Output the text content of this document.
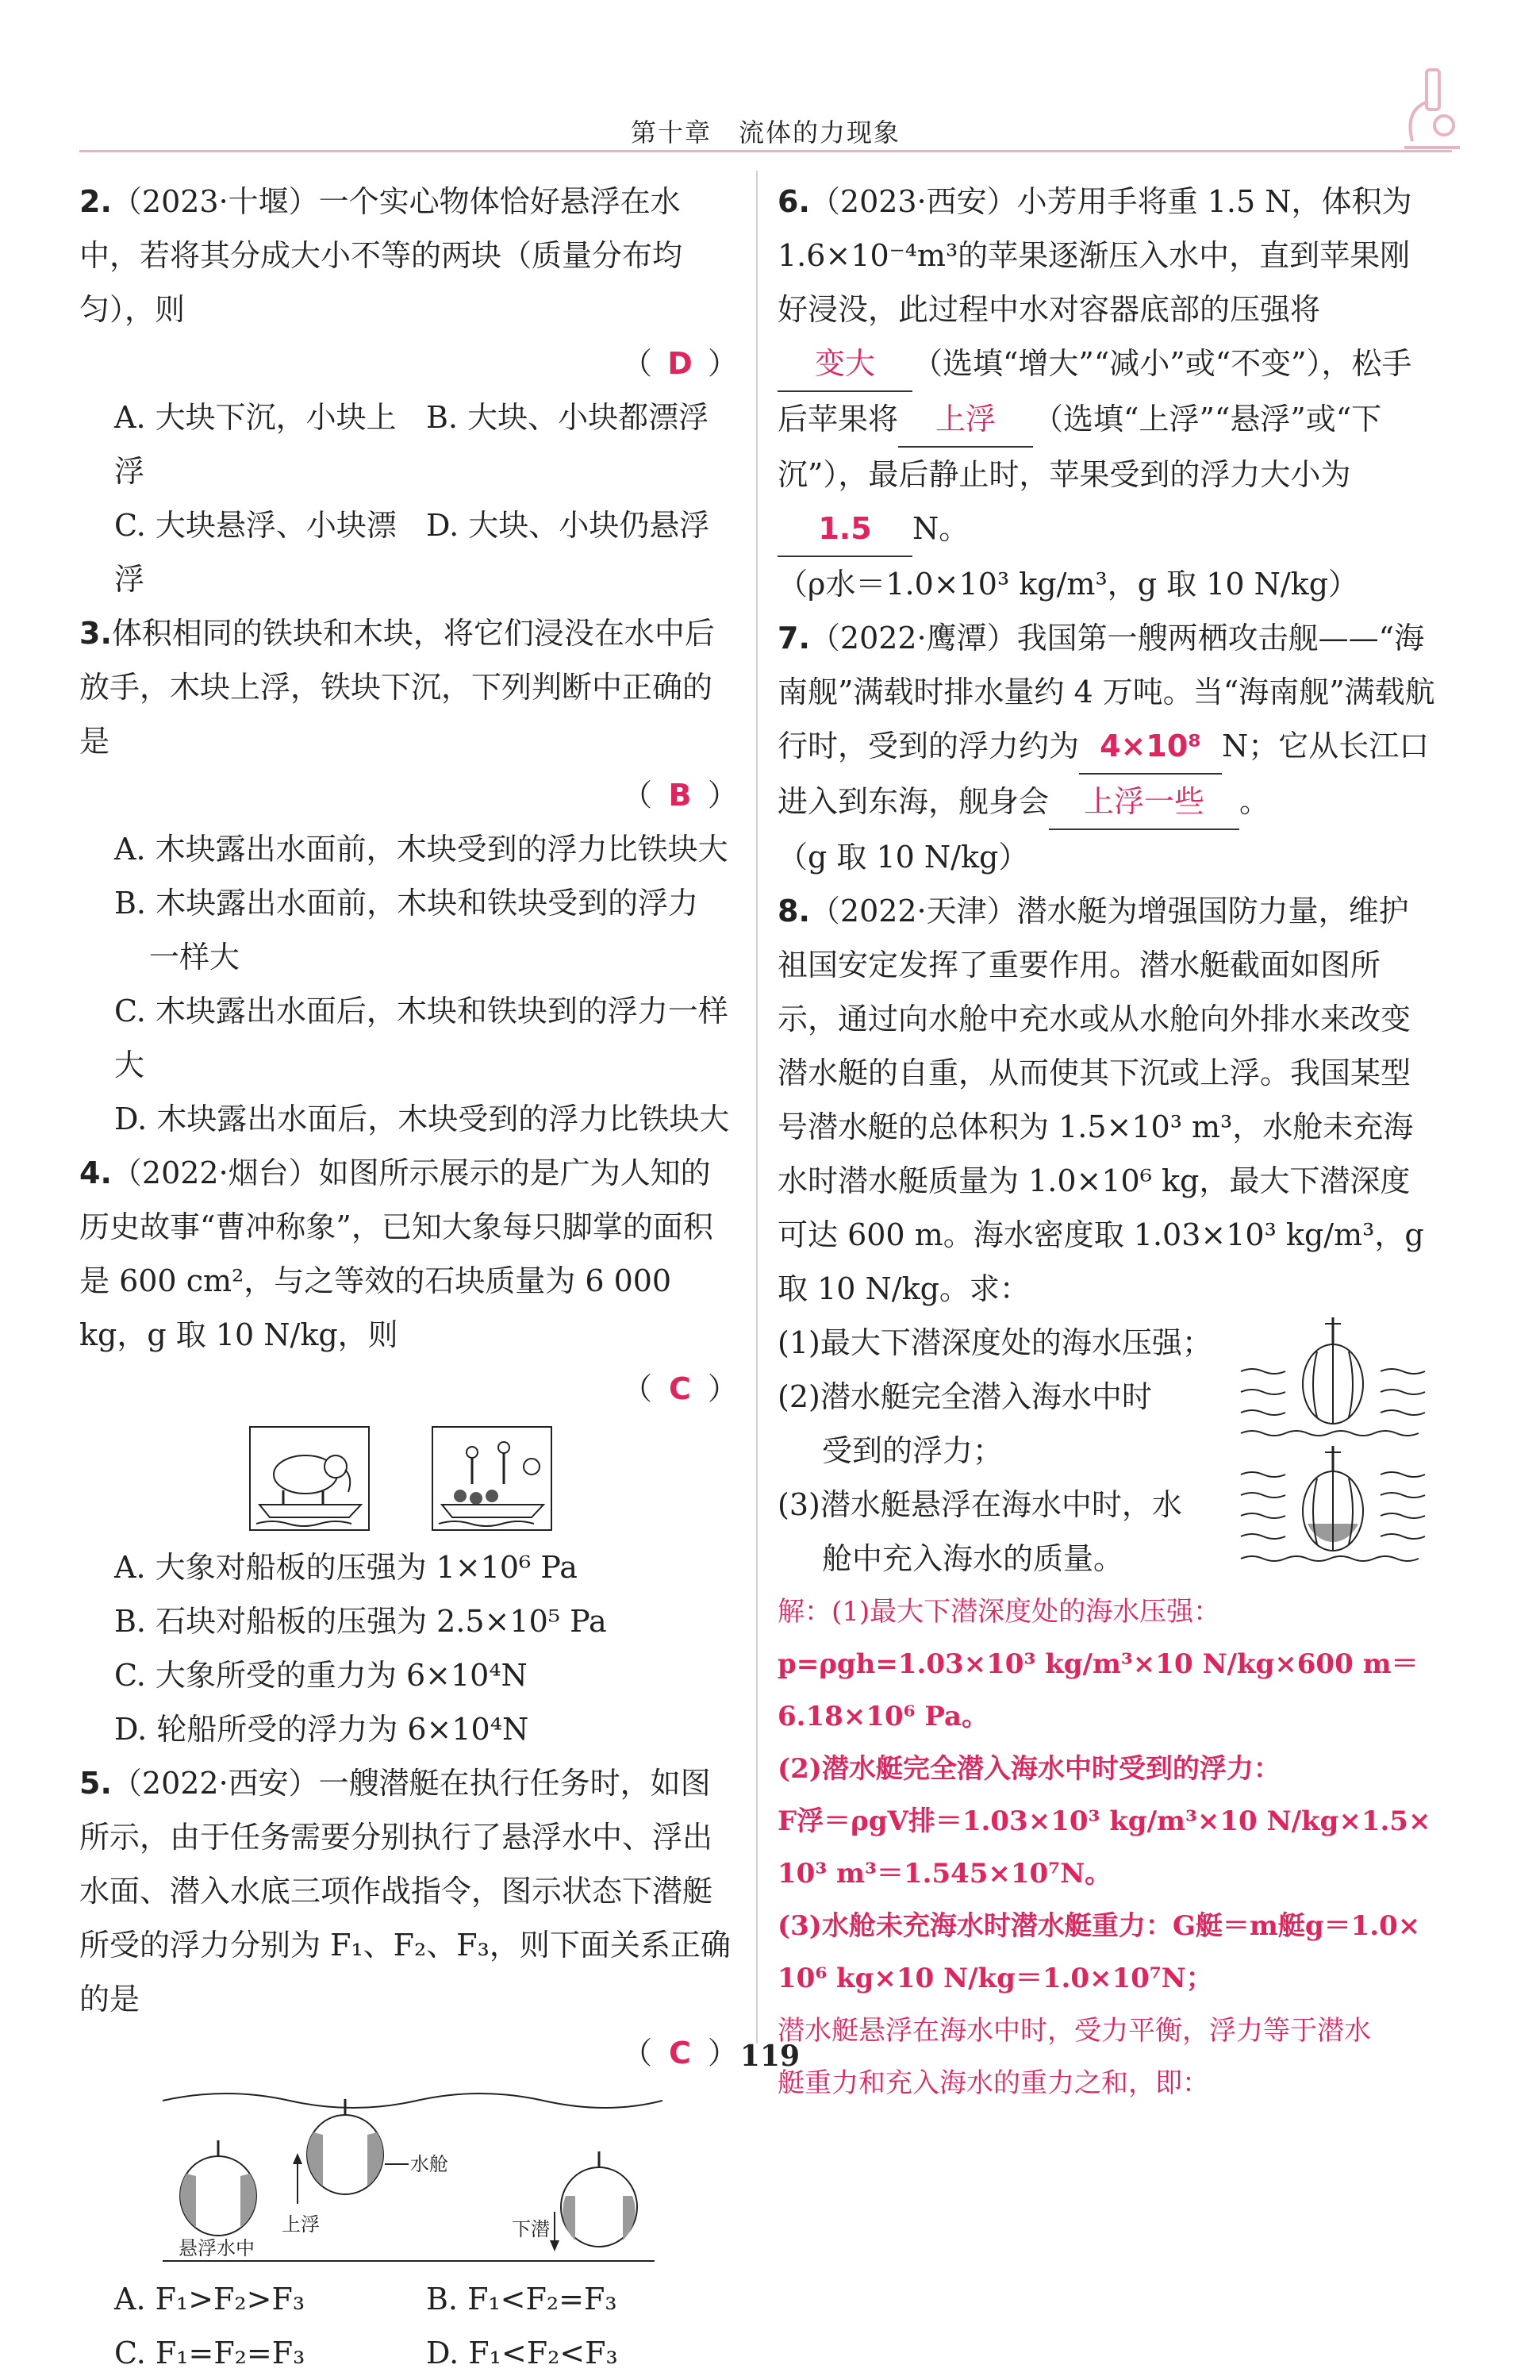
第十章　流体的力现象
2.（2023·十堰）一个实心物体恰好悬浮在水中，若将其分成大小不等的两块（质量分布均匀），则
（ D ）
A. 大块下沉，小块上浮
B. 大块、小块都漂浮
C. 大块悬浮、小块漂浮
D. 大块、小块仍悬浮
3.体积相同的铁块和木块，将它们浸没在水中后放手，木块上浮，铁块下沉，下列判断中正确的是
（ B ）
A. 木块露出水面前，木块受到的浮力比铁块大
B. 木块露出水面前，木块和铁块受到的浮力
一样大
C. 木块露出水面后，木块和铁块到的浮力一样大
D. 木块露出水面后，木块受到的浮力比铁块大
4.（2022·烟台）如图所示展示的是广为人知的历史故事“曹冲称象”，已知大象每只脚掌的面积是 600 cm²，与之等效的石块质量为 6 000 kg，g 取 10 N/kg，则
（ C ）
A. 大象对船板的压强为 1×10⁶ Pa
B. 石块对船板的压强为 2.5×10⁵ Pa
C. 大象所受的重力为 6×10⁴N
D. 轮船所受的浮力为 6×10⁴N
5.（2022·西安）一艘潜艇在执行任务时，如图所示，由于任务需要分别执行了悬浮水中、浮出水面、潜入水底三项作战指令，图示状态下潜艇所受的浮力分别为 F₁、F₂、F₃，则下面关系正确的是
（ C ）
悬浮水中
水舱
上浮	下潜
A. F₁>F₂>F₃	B. F₁<F₂=F₃
C. F₁=F₂=F₃	D. F₁<F₂<F₃
6.（2023·西安）小芳用手将重 1.5 N，体积为 1.6×10⁻⁴m³的苹果逐渐压入水中，直到苹果刚好浸没，此过程中水对容器底部的压强将变大 （选填“增大”“减小”或“不变”），松手后苹果将 上浮 （选填“上浮”“悬浮”或“下沉”），最后静止时，苹果受到的浮力大小为1.5 N。
（ρ水＝1.0×10³ kg/m³，g 取 10 N/kg）
7.（2022·鹰潭）我国第一艘两栖攻击舰——“海南舰”满载时排水量约 4 万吨。当“海南舰”满载航行时，受到的浮力约为 4×10⁸ N；它从长江口进入到东海，舰身会 上浮一些 。
（g 取 10 N/kg）
8.（2022·天津）潜水艇为增强国防力量，维护祖国安定发挥了重要作用。潜水艇截面如图所示，通过向水舱中充水或从水舱向外排水来改变潜水艇的自重，从而使其下沉或上浮。我国某型号潜水艇的总体积为 1.5×10³ m³，水舱未充海水时潜水艇质量为 1.0×10⁶ kg，最大下潜深度可达 600 m。海水密度取 1.03×10³ kg/m³，g 取 10 N/kg。求：
(1)最大下潜深度处的海水压强；
(2)潜水艇完全潜入海水中时
受到的浮力；
(3)潜水艇悬浮在海水中时，水
舱中充入海水的质量。
解：(1)最大下潜深度处的海水压强：
p=ρgh=1.03×10³ kg/m³×10 N/kg×600 m＝
6.18×10⁶ Pa。
(2)潜水艇完全潜入海水中时受到的浮力：
F浮＝ρgV排＝1.03×10³ kg/m³×10 N/kg×1.5×
10³ m³＝1.545×10⁷N。
(3)水舱未充海水时潜水艇重力：G艇＝m艇g＝1.0×
10⁶ kg×10 N/kg＝1.0×10⁷N；
潜水艇悬浮在海水中时，受力平衡，浮力等于潜水
艇重力和充入海水的重力之和，即：
119
